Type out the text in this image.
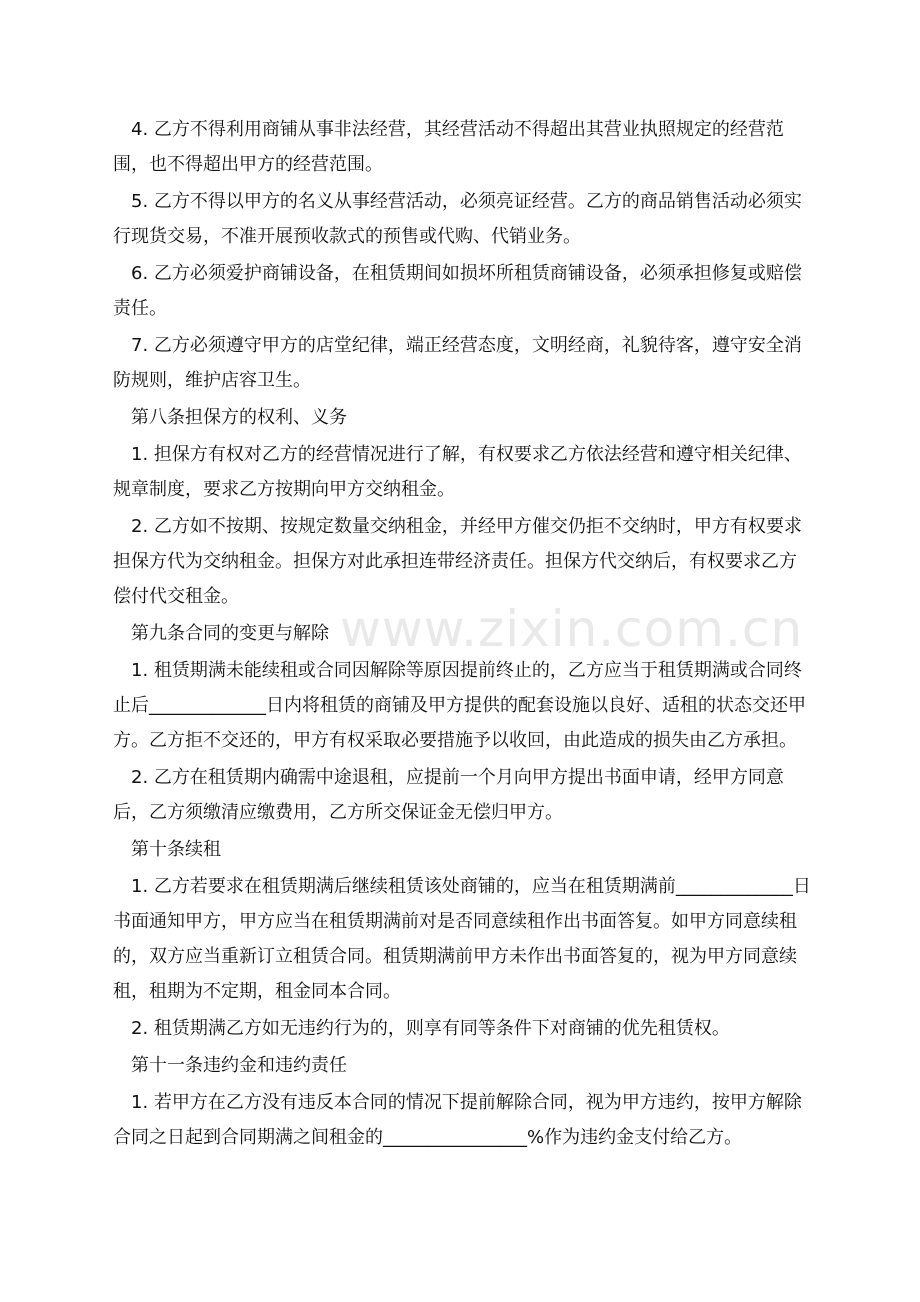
www.zixin.com.cn

4. 乙方不得利用商铺从事非法经营，其经营活动不得超出其营业执照规定的经营范围，也不得超出甲方的经营范围。

5. 乙方不得以甲方的名义从事经营活动，必须亮证经营。乙方的商品销售活动必须实行现货交易，不准开展预收款式的预售或代购、代销业务。

6. 乙方必须爱护商铺设备，在租赁期间如损坏所租赁商铺设备，必须承担修复或赔偿责任。

7. 乙方必须遵守甲方的店堂纪律，端正经营态度，文明经商，礼貌待客，遵守安全消防规则，维护店容卫生。

第八条担保方的权利、义务

1. 担保方有权对乙方的经营情况进行了解，有权要求乙方依法经营和遵守相关纪律、规章制度，要求乙方按期向甲方交纳租金。

2. 乙方如不按期、按规定数量交纳租金，并经甲方催交仍拒不交纳时，甲方有权要求担保方代为交纳租金。担保方对此承担连带经济责任。担保方代交纳后，有权要求乙方偿付代交租金。

第九条合同的变更与解除

1. 租赁期满未能续租或合同因解除等原因提前终止的，乙方应当于租赁期满或合同终止后_____________日内将租赁的商铺及甲方提供的配套设施以良好、适租的状态交还甲方。乙方拒不交还的，甲方有权采取必要措施予以收回，由此造成的损失由乙方承担。

2. 乙方在租赁期内确需中途退租，应提前一个月向甲方提出书面申请，经甲方同意后，乙方须缴清应缴费用，乙方所交保证金无偿归甲方。

第十条续租

1. 乙方若要求在租赁期满后继续租赁该处商铺的，应当在租赁期满前_____________日书面通知甲方，甲方应当在租赁期满前对是否同意续租作出书面答复。如甲方同意续租的，双方应当重新订立租赁合同。租赁期满前甲方未作出书面答复的，视为甲方同意续租，租期为不定期，租金同本合同。

2. 租赁期满乙方如无违约行为的，则享有同等条件下对商铺的优先租赁权。

第十一条违约金和违约责任

1. 若甲方在乙方没有违反本合同的情况下提前解除合同，视为甲方违约，按甲方解除合同之日起到合同期满之间租金的________________%作为违约金支付给乙方。
